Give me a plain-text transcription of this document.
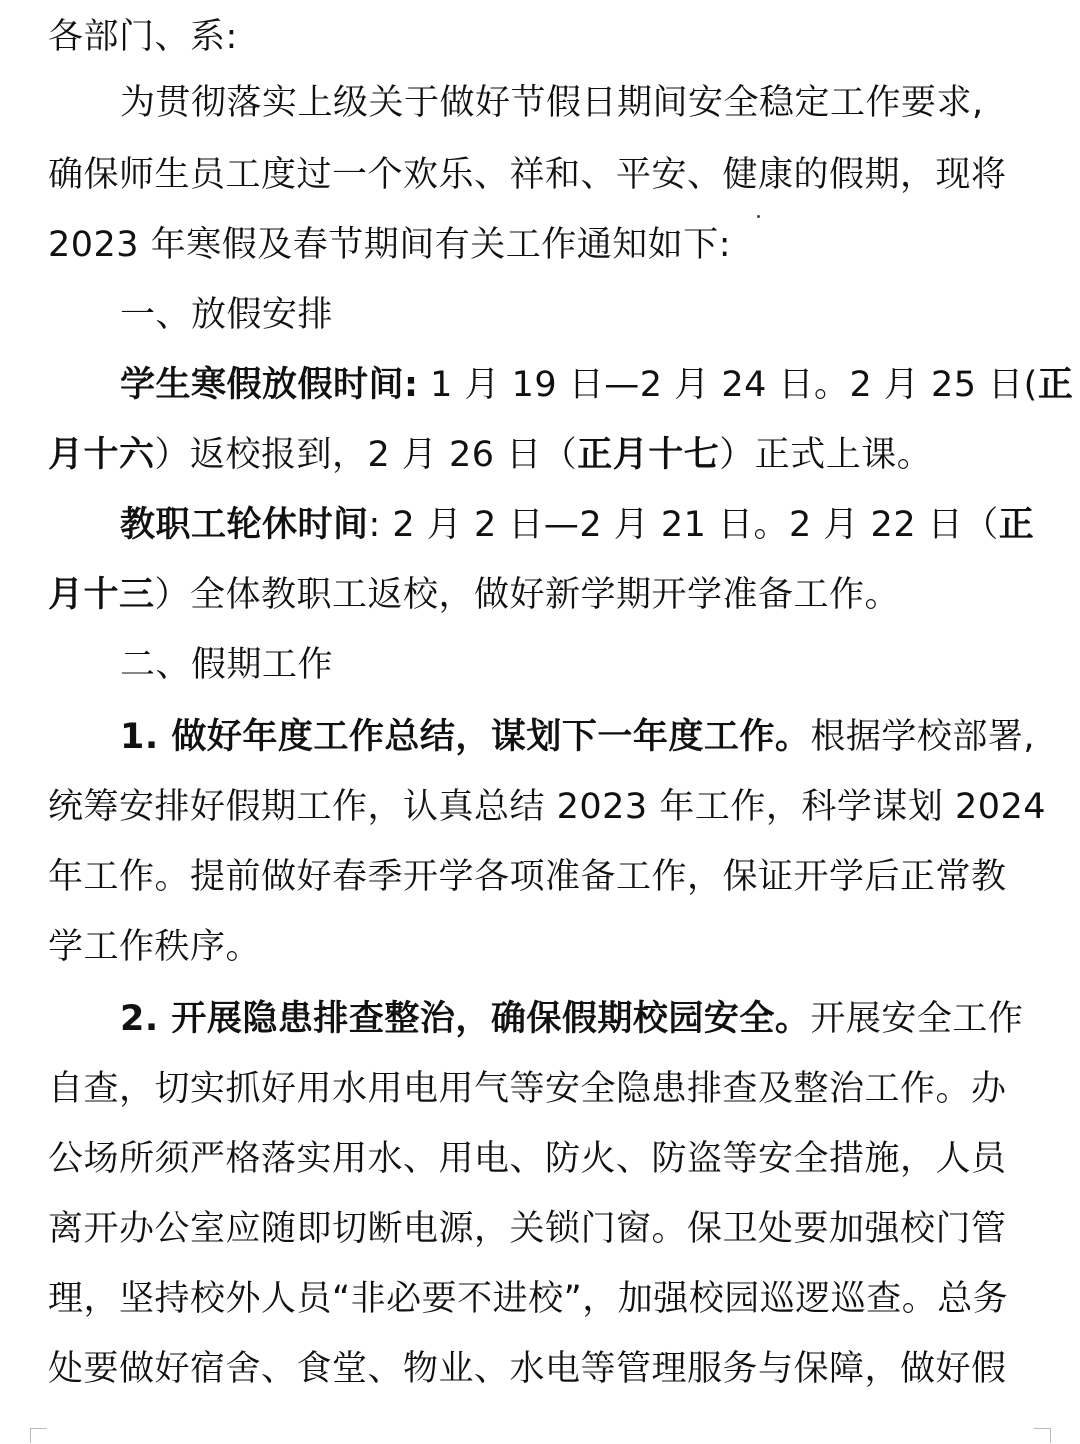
各部门、系:
为贯彻落实上级关于做好节假日期间安全稳定工作要求,
确保师生员工度过一个欢乐、祥和、平安、健康的假期，现将
2023 年寒假及春节期间有关工作通知如下:
一、放假安排
学生寒假放假时间: 1 月 19 日—2 月 24 日。2 月 25 日(正
月十六）返校报到，2 月 26 日（正月十七）正式上课。
教职工轮休时间: 2 月 2 日—2 月 21 日。2 月 22 日（正
月十三）全体教职工返校，做好新学期开学准备工作。
二、假期工作
1. 做好年度工作总结，谋划下一年度工作。根据学校部署,
统筹安排好假期工作，认真总结 2023 年工作，科学谋划 2024
年工作。提前做好春季开学各项准备工作，保证开学后正常教
学工作秩序。
2. 开展隐患排查整治，确保假期校园安全。开展安全工作
自查，切实抓好用水用电用气等安全隐患排查及整治工作。办
公场所须严格落实用水、用电、防火、防盗等安全措施，人员
离开办公室应随即切断电源，关锁门窗。保卫处要加强校门管
理，坚持校外人员“非必要不进校”，加强校园巡逻巡查。总务
处要做好宿舍、食堂、物业、水电等管理服务与保障，做好假
